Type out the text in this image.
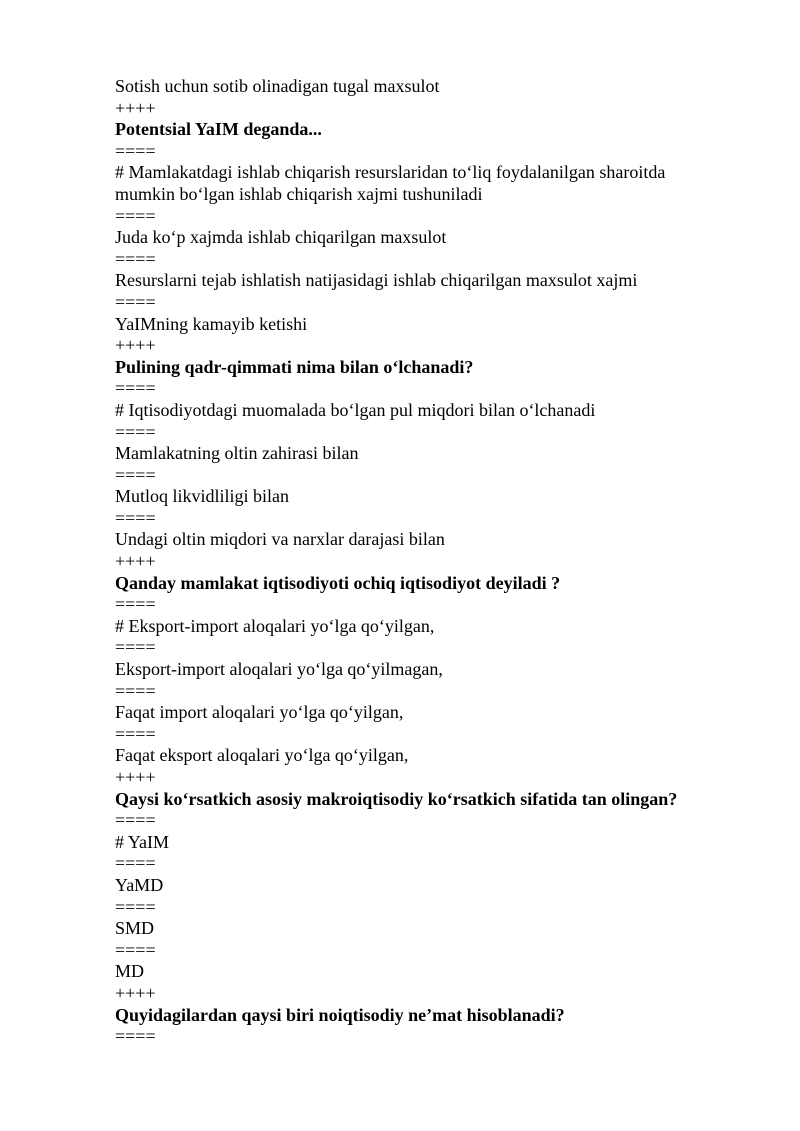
Sotish uchun sotib olinadigan tugal maxsulot
++++
Potentsial YaIM deganda...
====
# Mamlakatdagi ishlab chiqarish resurslaridan to‘liq foydalanilgan sharoitda
mumkin bo‘lgan ishlab chiqarish xajmi tushuniladi
====
Juda ko‘p xajmda ishlab chiqarilgan maxsulot
====
Resurslarni tejab ishlatish natijasidagi ishlab chiqarilgan maxsulot xajmi
====
YaIMning kamayib ketishi
++++
Pulining qadr-qimmati nima bilan o‘lchanadi?
====
# Iqtisodiyotdagi muomalada bo‘lgan pul miqdori bilan o‘lchanadi
====
Mamlakatning oltin zahirasi bilan
====
Mutloq likvidliligi bilan
====
Undagi oltin miqdori va narxlar darajasi bilan
++++
Qanday mamlakat iqtisodiyoti ochiq iqtisodiyot deyiladi ?
====
# Eksport-import aloqalari yo‘lga qo‘yilgan,
====
Eksport-import aloqalari yo‘lga qo‘yilmagan,
====
Faqat import aloqalari yo‘lga qo‘yilgan,
====
Faqat eksport aloqalari yo‘lga qo‘yilgan,
++++
Qaysi ko‘rsatkich asosiy makroiqtisodiy ko‘rsatkich sifatida tan olingan?
====
# YaIM
====
YaMD
====
SMD
====
MD
++++
Quyidagilardan qaysi biri noiqtisodiy ne’mat hisoblanadi?
====
